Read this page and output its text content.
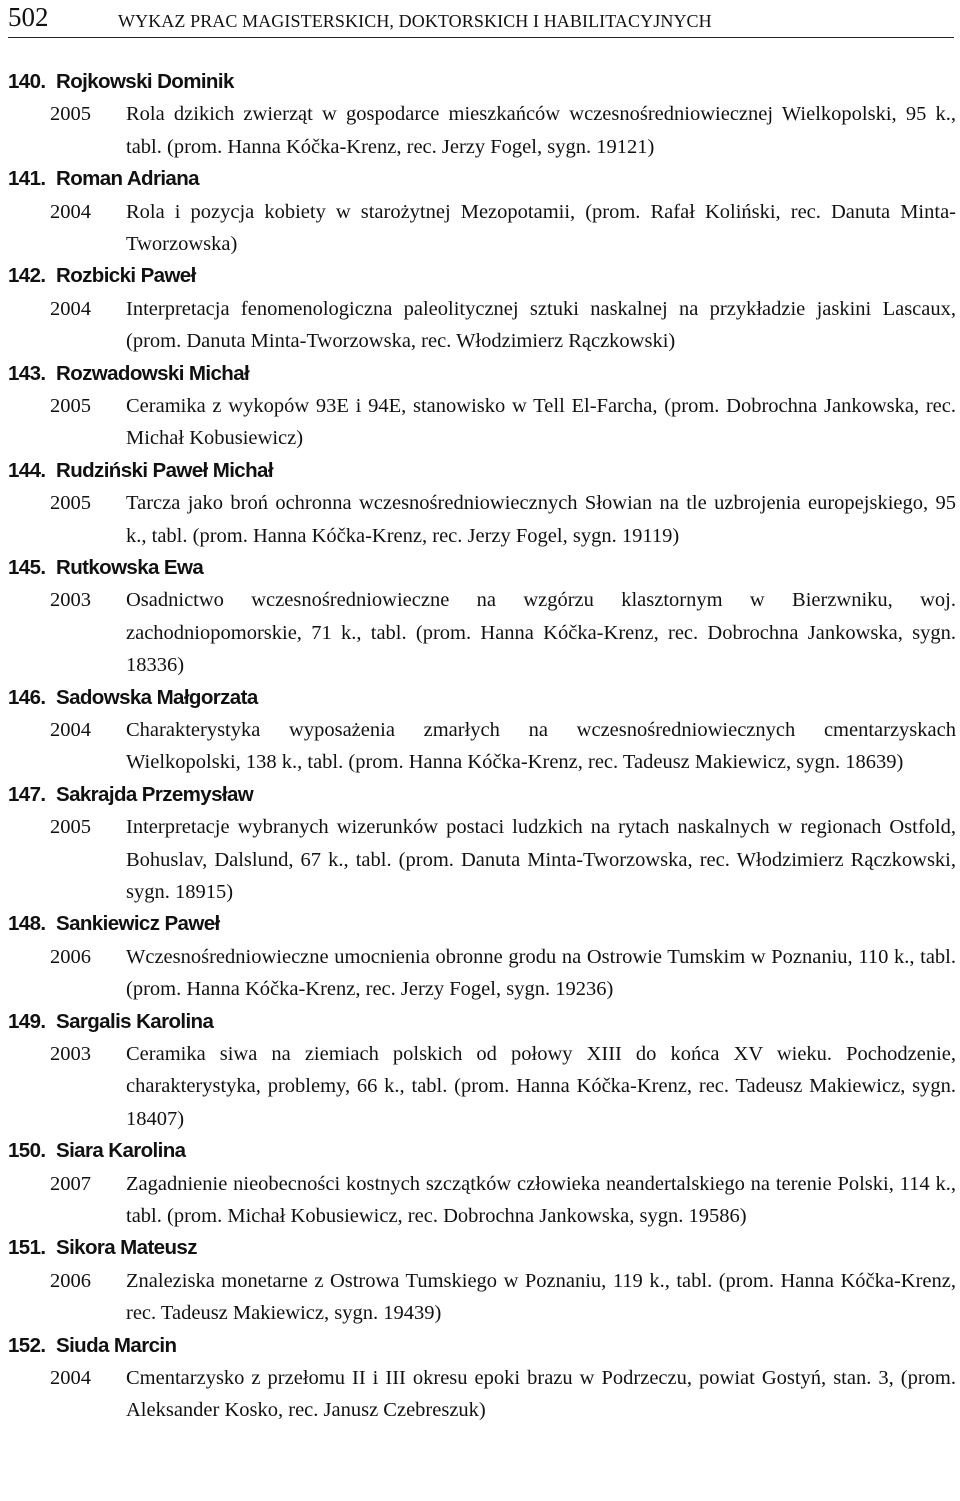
502	WYKAZ PRAC MAGISTERSKICH, DOKTORSKICH I HABILITACYJNYCH
140. Rojkowski Dominik
2005	Rola dzikich zwierząt w gospodarce mieszkańców wczesnośredniowiecznej Wielkopolski, 95 k., tabl. (prom. Hanna Kóčka-Krenz, rec. Jerzy Fogel, sygn. 19121)
141. Roman Adriana
2004	Rola i pozycja kobiety w starożytnej Mezopotamii, (prom. Rafał Koliński, rec. Danuta Minta-Tworzowska)
142. Rozbicki Paweł
2004	Interpretacja fenomenologiczna paleolitycznej sztuki naskalnej na przykładzie jaskini Lascaux, (prom. Danuta Minta-Tworzowska, rec. Włodzimierz Rączkowski)
143. Rozwadowski Michał
2005	Ceramika z wykopów 93E i 94E, stanowisko w Tell El-Farcha, (prom. Dobrochna Jankowska, rec. Michał Kobusiewicz)
144. Rudziński Paweł Michał
2005	Tarcza jako broń ochronna wczesnośredniowiecznych Słowian na tle uzbrojenia europejskiego, 95 k., tabl. (prom. Hanna Kóčka-Krenz, rec. Jerzy Fogel, sygn. 19119)
145. Rutkowska Ewa
2003	Osadnictwo wczesnośredniowieczne na wzgórzu klasztornym w Bierzwniku, woj. zachodniopomorskie, 71 k., tabl. (prom. Hanna Kóčka-Krenz, rec. Dobrochna Jankowska, sygn. 18336)
146. Sadowska Małgorzata
2004	Charakterystyka wyposażenia zmarłych na wczesnośredniowiecznych cmentarzyskach Wielkopolski, 138 k., tabl. (prom. Hanna Kóčka-Krenz, rec. Tadeusz Makiewicz, sygn. 18639)
147. Sakrajda Przemysław
2005	Interpretacje wybranych wizerunków postaci ludzkich na rytach naskalnych w regionach Ostfold, Bohuslav, Dalslund, 67 k., tabl. (prom. Danuta Minta-Tworzowska, rec. Włodzimierz Rączkowski, sygn. 18915)
148. Sankiewicz Paweł
2006	Wczesnośredniowieczne umocnienia obronne grodu na Ostrowie Tumskim w Poznaniu, 110 k., tabl. (prom. Hanna Kóčka-Krenz, rec. Jerzy Fogel, sygn. 19236)
149. Sargalis Karolina
2003	Ceramika siwa na ziemiach polskich od połowy XIII do końca XV wieku. Pochodzenie, charakterystyka, problemy, 66 k., tabl. (prom. Hanna Kóčka-Krenz, rec. Tadeusz Makiewicz, sygn. 18407)
150. Siara Karolina
2007	Zagadnienie nieobecności kostnych szczątków człowieka neandertalskiego na terenie Polski, 114 k., tabl. (prom. Michał Kobusiewicz, rec. Dobrochna Jankowska, sygn. 19586)
151. Sikora Mateusz
2006	Znaleziska monetarne z Ostrowa Tumskiego w Poznaniu, 119 k., tabl. (prom. Hanna Kóčka-Krenz, rec. Tadeusz Makiewicz, sygn. 19439)
152. Siuda Marcin
2004	Cmentarzysko z przełomu II i III okresu epoki brazu w Podrzeczu, powiat Gostyń, stan. 3, (prom. Aleksander Kosko, rec. Janusz Czebreszuk)
